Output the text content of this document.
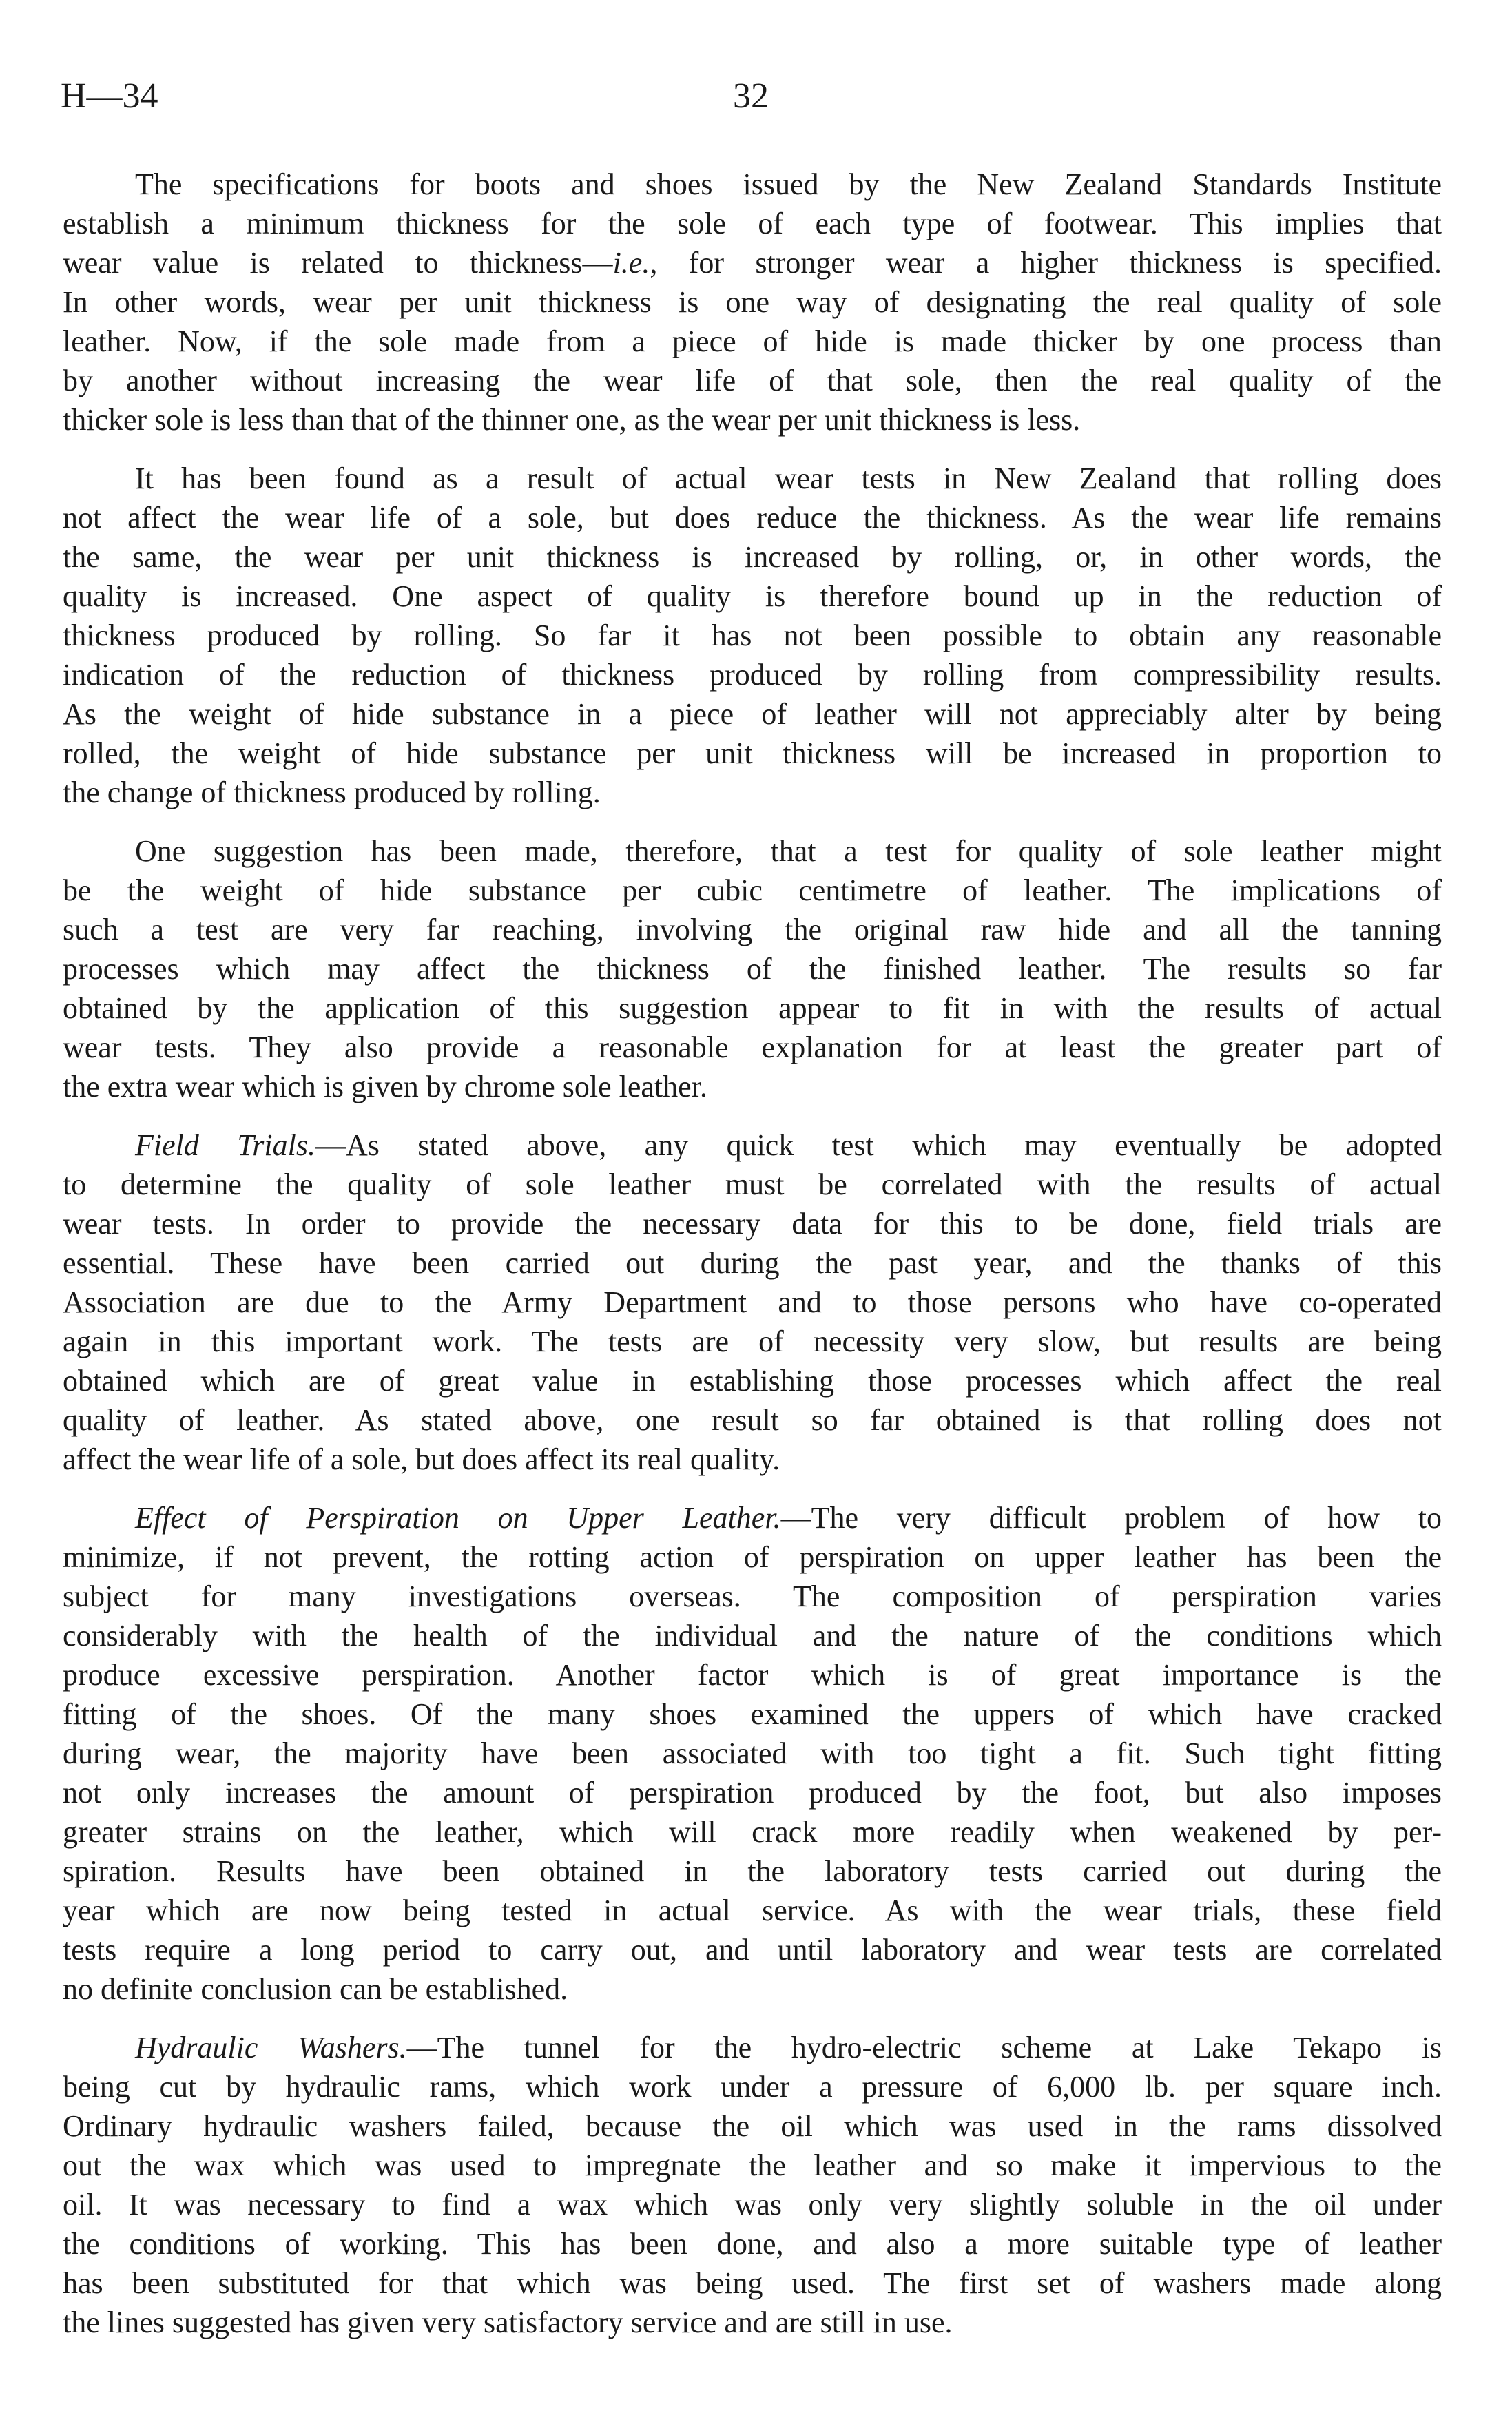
H—34	32
The specifications for boots and shoes issued by the New Zealand Standards Institute
establish a minimum thickness for the sole of each type of footwear. This implies that
wear value is related to thickness—i.e., for stronger wear a higher thickness is specified.
In other words, wear per unit thickness is one way of designating the real quality of sole
leather. Now, if the sole made from a piece of hide is made thicker by one process than
by another without increasing the wear life of that sole, then the real quality of the
thicker sole is less than that of the thinner one, as the wear per unit thickness is less.
It has been found as a result of actual wear tests in New Zealand that rolling does
not affect the wear life of a sole, but does reduce the thickness. As the wear life remains
the same, the wear per unit thickness is increased by rolling, or, in other words, the
quality is increased. One aspect of quality is therefore bound up in the reduction of
thickness produced by rolling. So far it has not been possible to obtain any reasonable
indication of the reduction of thickness produced by rolling from compressibility results.
As the weight of hide substance in a piece of leather will not appreciably alter by being
rolled, the weight of hide substance per unit thickness will be increased in proportion to
the change of thickness produced by rolling.
One suggestion has been made, therefore, that a test for quality of sole leather might
be the weight of hide substance per cubic centimetre of leather. The implications of
such a test are very far reaching, involving the original raw hide and all the tanning
processes which may affect the thickness of the finished leather. The results so far
obtained by the application of this suggestion appear to fit in with the results of actual
wear tests. They also provide a reasonable explanation for at least the greater part of
the extra wear which is given by chrome sole leather.
Field Trials.—As stated above, any quick test which may eventually be adopted
to determine the quality of sole leather must be correlated with the results of actual
wear tests. In order to provide the necessary data for this to be done, field trials are
essential. These have been carried out during the past year, and the thanks of this
Association are due to the Army Department and to those persons who have co-operated
again in this important work. The tests are of necessity very slow, but results are being
obtained which are of great value in establishing those processes which affect the real
quality of leather. As stated above, one result so far obtained is that rolling does not
affect the wear life of a sole, but does affect its real quality.
Effect of Perspiration on Upper Leather.—The very difficult problem of how to
minimize, if not prevent, the rotting action of perspiration on upper leather has been the
subject for many investigations overseas. The composition of perspiration varies
considerably with the health of the individual and the nature of the conditions which
produce excessive perspiration. Another factor which is of great importance is the
fitting of the shoes. Of the many shoes examined the uppers of which have cracked
during wear, the majority have been associated with too tight a fit. Such tight fitting
not only increases the amount of perspiration produced by the foot, but also imposes
greater strains on the leather, which will crack more readily when weakened by per-
spiration. Results have been obtained in the laboratory tests carried out during the
year which are now being tested in actual service. As with the wear trials, these field
tests require a long period to carry out, and until laboratory and wear tests are correlated
no definite conclusion can be established.
Hydraulic Washers.—The tunnel for the hydro-electric scheme at Lake Tekapo is
being cut by hydraulic rams, which work under a pressure of 6,000 lb. per square inch.
Ordinary hydraulic washers failed, because the oil which was used in the rams dissolved
out the wax which was used to impregnate the leather and so make it impervious to the
oil. It was necessary to find a wax which was only very slightly soluble in the oil under
the conditions of working. This has been done, and also a more suitable type of leather
has been substituted for that which was being used. The first set of washers made along
the lines suggested has given very satisfactory service and are still in use.
